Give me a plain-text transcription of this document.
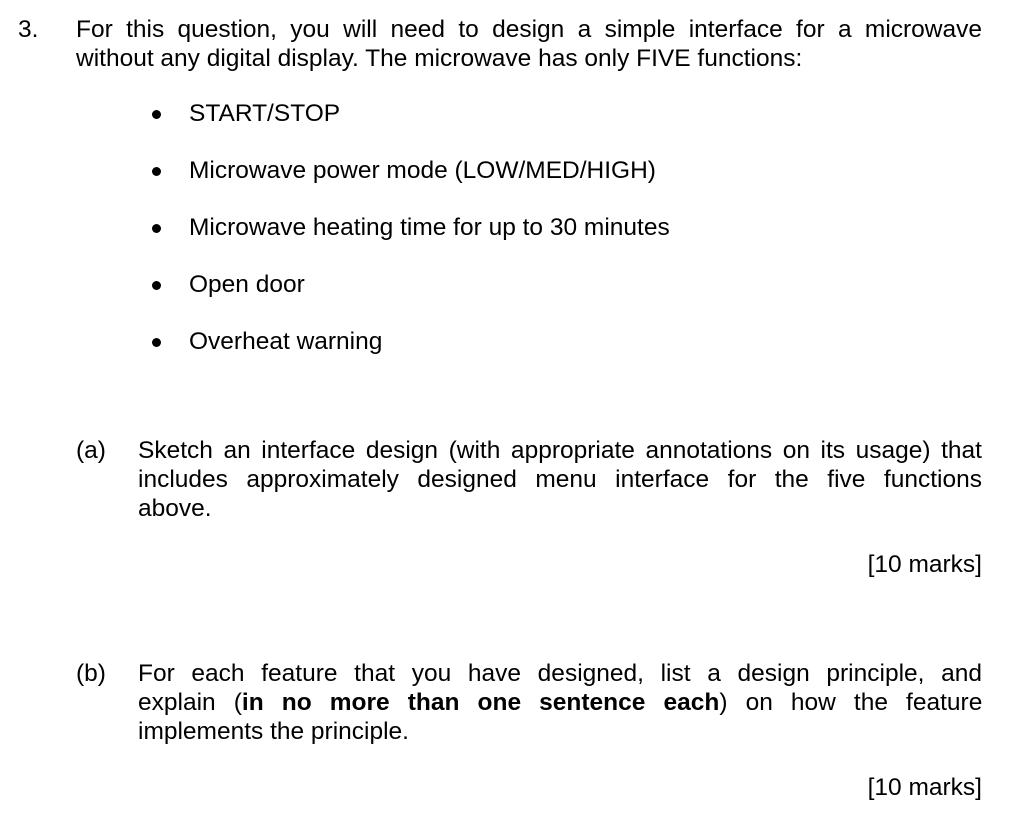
3. For this question, you will need to design a simple interface for a microwave
without any digital display. The microwave has only FIVE functions:
START/STOP
Microwave power mode (LOW/MED/HIGH)
Microwave heating time for up to 30 minutes
Open door
Overheat warning
(a) Sketch an interface design (with appropriate annotations on its usage) that
includes approximately designed menu interface for the five functions
above.
[10 marks]
(b) For each feature that you have designed, list a design principle, and
explain (in no more than one sentence each) on how the feature
implements the principle.
[10 marks]
